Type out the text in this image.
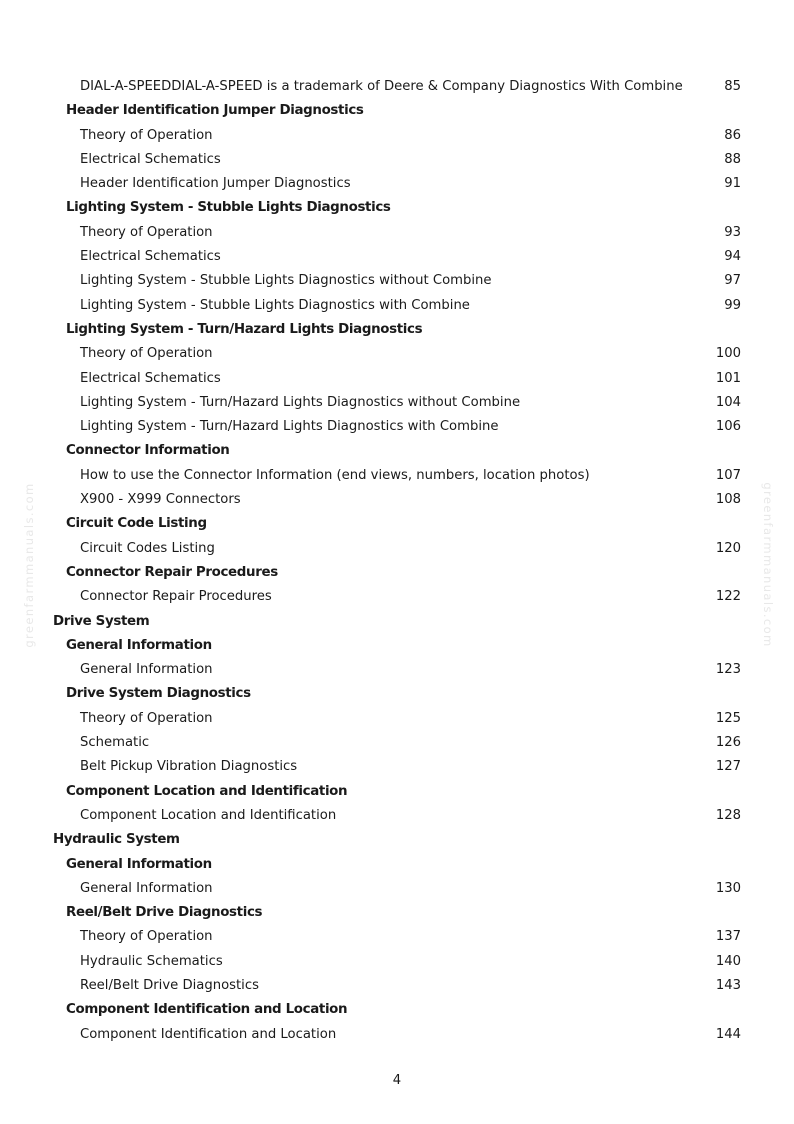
greenfarmmanuals.com	greenfarmmanuals.com
DIAL-A-SPEEDDIAL-A-SPEED is a trademark of Deere & Company Diagnostics With Combine	85
Header Identification Jumper Diagnostics
Theory of Operation	86
Electrical Schematics	88
Header Identification Jumper Diagnostics	91
Lighting System - Stubble Lights Diagnostics
Theory of Operation	93
Electrical Schematics	94
Lighting System - Stubble Lights Diagnostics without Combine	97
Lighting System - Stubble Lights Diagnostics with Combine	99
Lighting System - Turn/Hazard Lights Diagnostics
Theory of Operation	100
Electrical Schematics	101
Lighting System - Turn/Hazard Lights Diagnostics without Combine	104
Lighting System - Turn/Hazard Lights Diagnostics with Combine	106
Connector Information
How to use the Connector Information (end views, numbers, location photos)	107
X900 - X999 Connectors	108
Circuit Code Listing
Circuit Codes Listing	120
Connector Repair Procedures
Connector Repair Procedures	122
Drive System
General Information
General Information	123
Drive System Diagnostics
Theory of Operation	125
Schematic	126
Belt Pickup Vibration Diagnostics	127
Component Location and Identification
Component Location and Identification	128
Hydraulic System
General Information
General Information	130
Reel/Belt Drive Diagnostics
Theory of Operation	137
Hydraulic Schematics	140
Reel/Belt Drive Diagnostics	143
Component Identification and Location
Component Identification and Location	144
4
